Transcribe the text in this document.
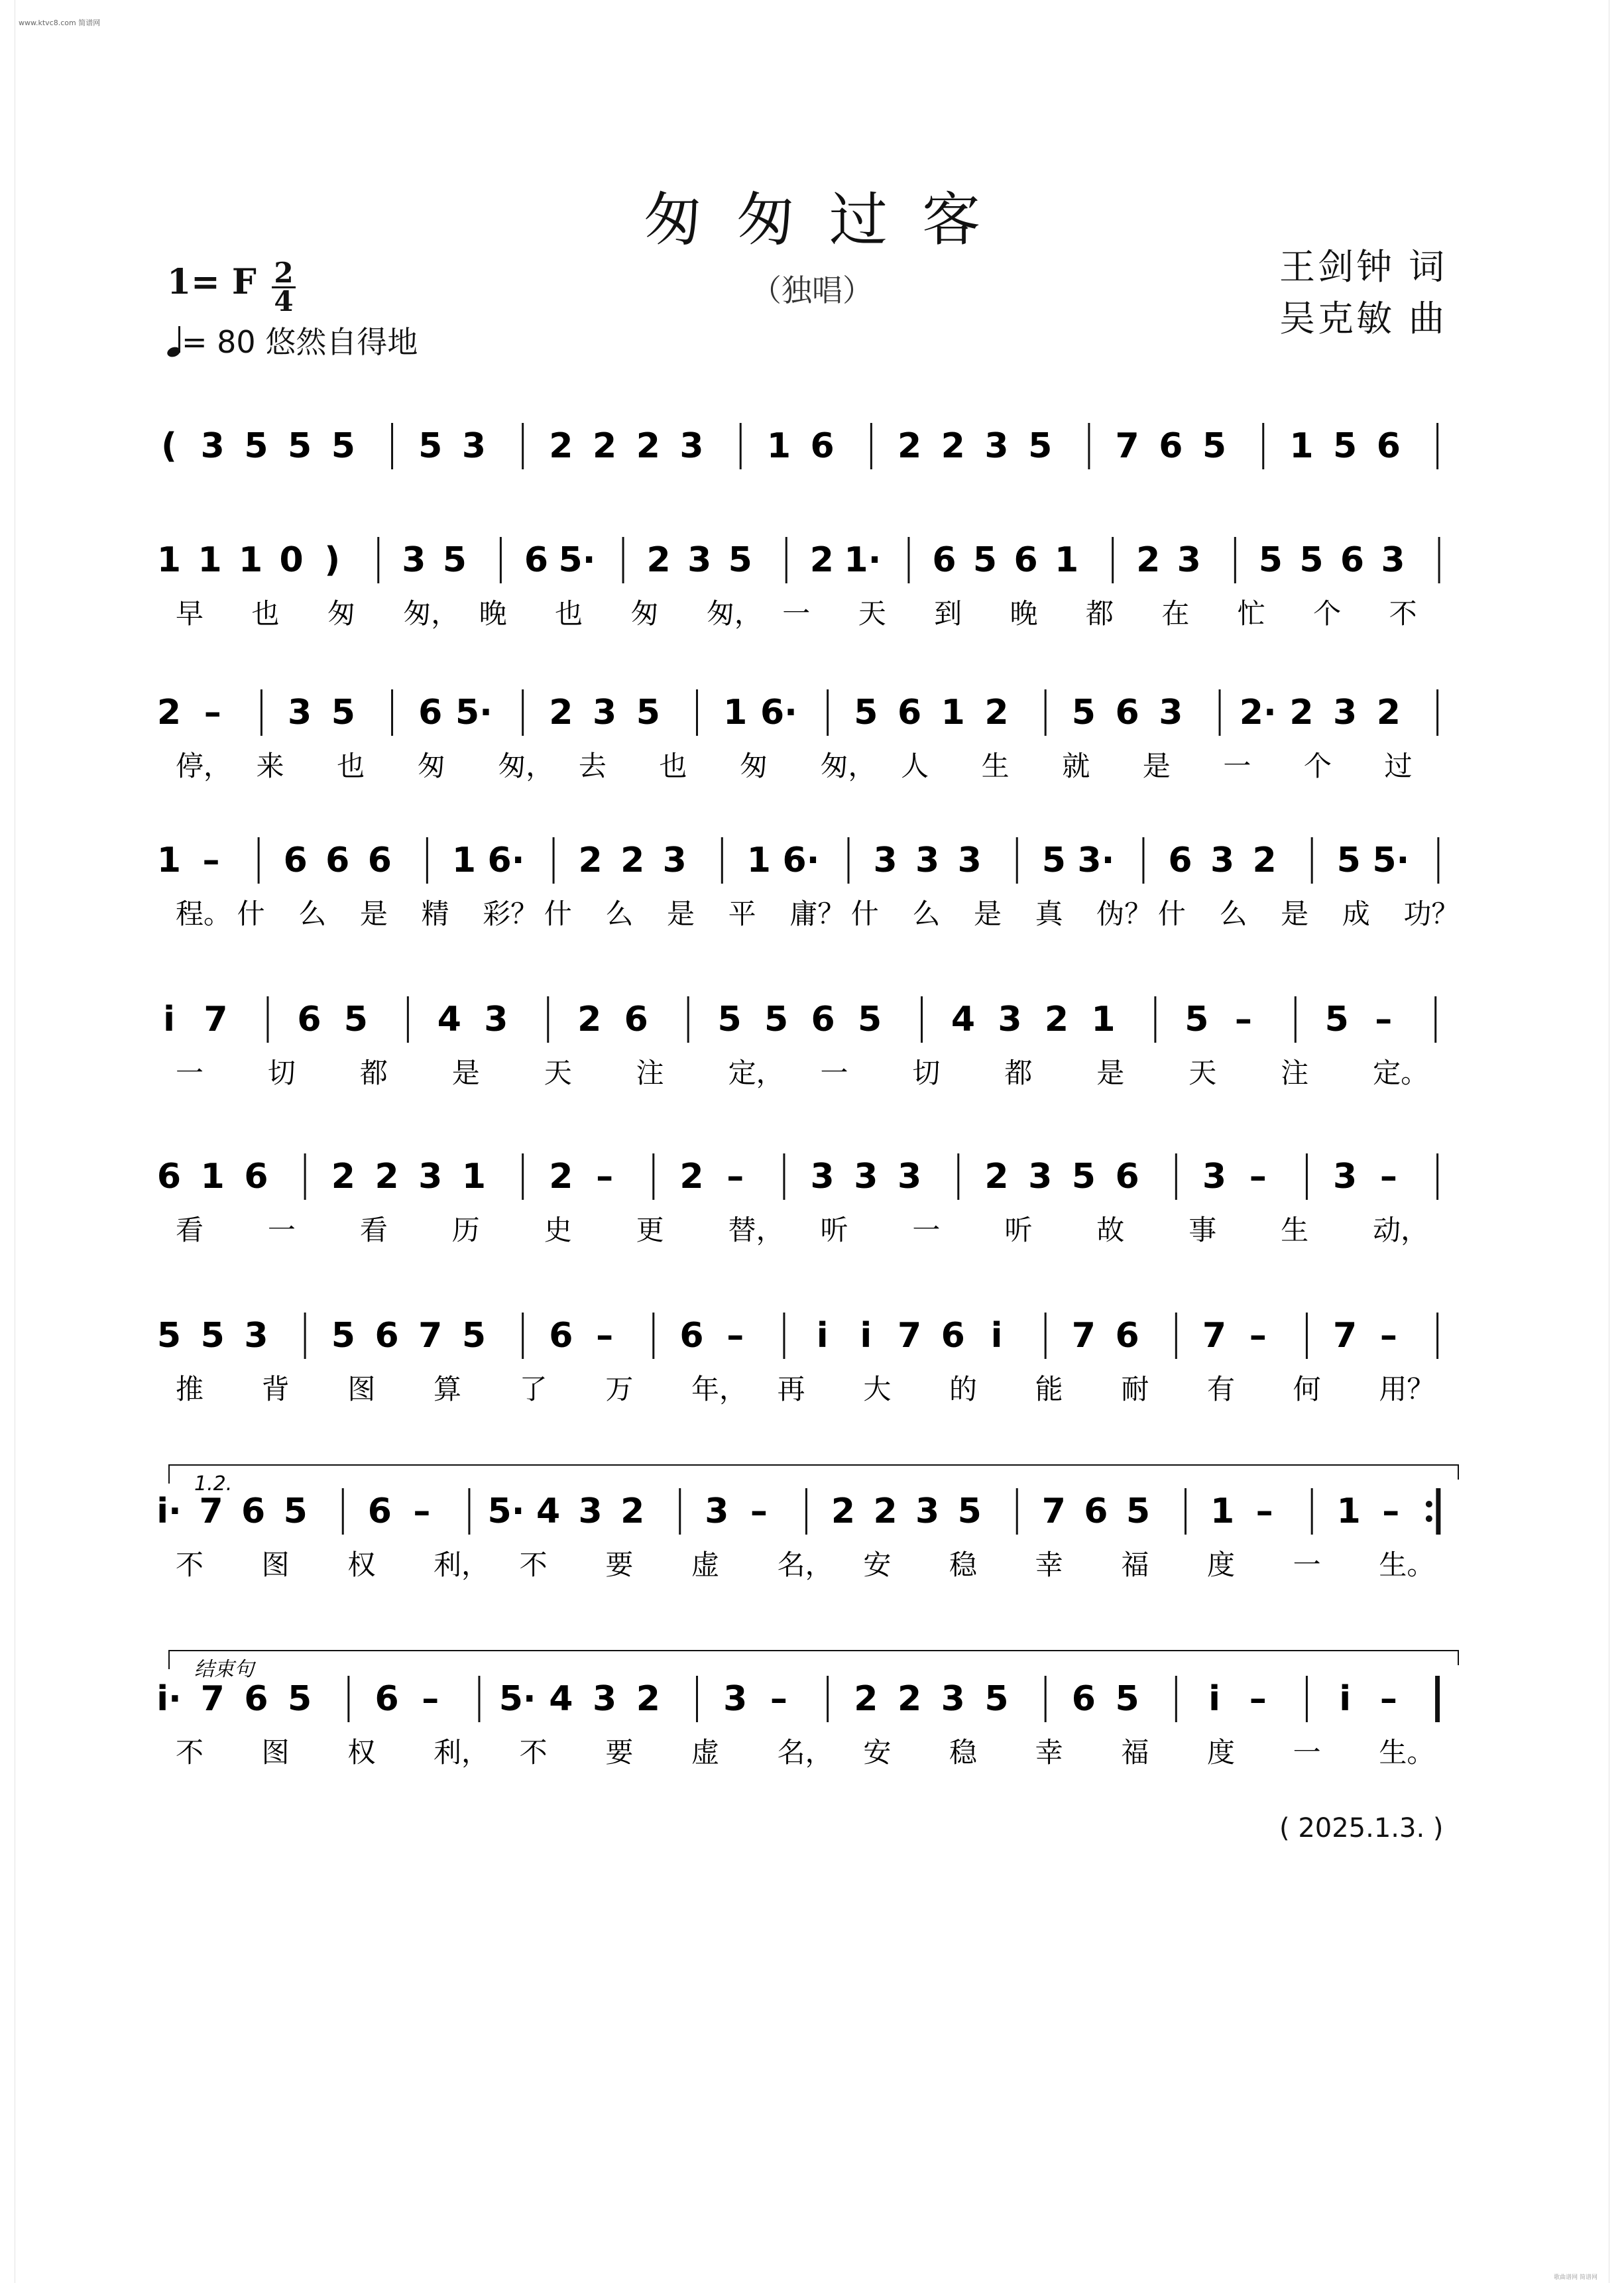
www.ktvc8.com 简谱网
匆匆过客
（独唱）
王剑钟 词
吴克敏 曲
1= F 2
4
= 80 悠然自得地
1.2.
结束句
( 3 5 5 5 5 3 2 2 2 3 1 6 2 2 3 5 7 6 5 1 5 6
1 1 1 0 ) 3 5 6 5· 2 3 5 2 1· 6 5 6 1 2 3 5 5 6 3
早 也 匆 匆， 晚 也 匆 匆， 一 天 到 晚 都 在 忙 个 不
2 – 3 5 6 5· 2 3 5 1 6· 5 6 1 2 5 6 3 2· 2 3 2
停， 来 也 匆 匆， 去 也 匆 匆， 人 生 就 是 一 个 过
1 – 6 6 6 1 6· 2 2 3 1 6· 3 3 3 5 3· 6 3 2 5 5·
程。 什 么 是 精 彩？ 什 么 是 平 庸？ 什 么 是 真 伪？ 什 么 是 成 功？
i 7 6 5 4 3 2 6 5 5 6 5 4 3 2 1 5 – 5 –
一 切 都 是 天 注 定， 一 切 都 是 天 注 定。
6 1 6 2 2 3 1 2 – 2 – 3 3 3 2 3 5 6 3 – 3 –
看 一 看 历 史 更 替， 听 一 听 故 事 生 动，
5 5 3 5 6 7 5 6 – 6 – i i 7 6 i 7 6 7 – 7 –
推 背 图 算 了 万 年， 再 大 的 能 耐 有 何 用？
i· 7 6 5 6 – 5· 4 3 2 3 – 2 2 3 5 7 6 5 1 – 1 –
不 图 权 利， 不 要 虚 名， 安 稳 幸 福 度 一 生。
i· 7 6 5 6 – 5· 4 3 2 3 – 2 2 3 5 6 5 i – i –
不 图 权 利， 不 要 虚 名， 安 稳 幸 福 度 一 生。
( 2025.1.3. )
歌曲谱网 简谱网
